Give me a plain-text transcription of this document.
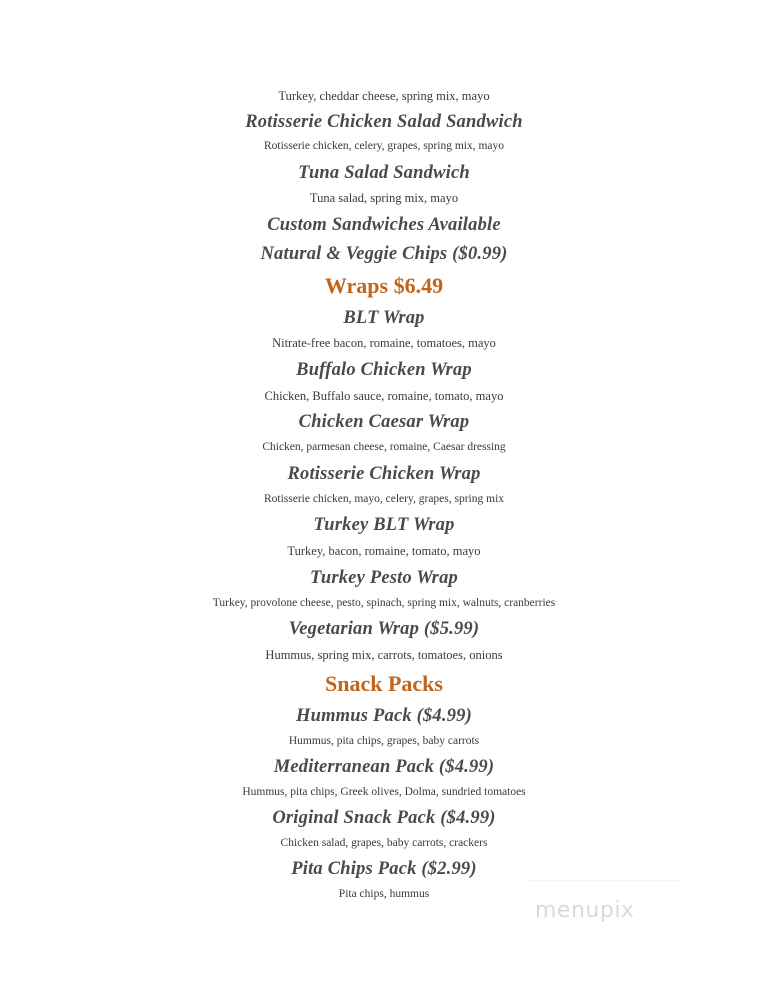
Turkey, cheddar cheese, spring mix, mayo
Rotisserie Chicken Salad Sandwich
Rotisserie chicken, celery, grapes, spring mix, mayo
Tuna Salad Sandwich
Tuna salad, spring mix, mayo
Custom Sandwiches Available
Natural & Veggie Chips ($0.99)
Wraps $6.49
BLT Wrap
Nitrate-free bacon, romaine, tomatoes, mayo
Buffalo Chicken Wrap
Chicken, Buffalo sauce, romaine, tomato, mayo
Chicken Caesar Wrap
Chicken, parmesan cheese, romaine, Caesar dressing
Rotisserie Chicken Wrap
Rotisserie chicken, mayo, celery, grapes, spring mix
Turkey BLT Wrap
Turkey, bacon, romaine, tomato, mayo
Turkey Pesto Wrap
Turkey, provolone cheese, pesto, spinach, spring mix, walnuts, cranberries
Vegetarian Wrap ($5.99)
Hummus, spring mix, carrots, tomatoes, onions
Snack Packs
Hummus Pack ($4.99)
Hummus, pita chips, grapes, baby carrots
Mediterranean Pack ($4.99)
Hummus, pita chips, Greek olives, Dolma, sundried tomatoes
Original Snack Pack ($4.99)
Chicken salad, grapes, baby carrots, crackers
Pita Chips Pack ($2.99)
Pita chips, hummus
menupix
